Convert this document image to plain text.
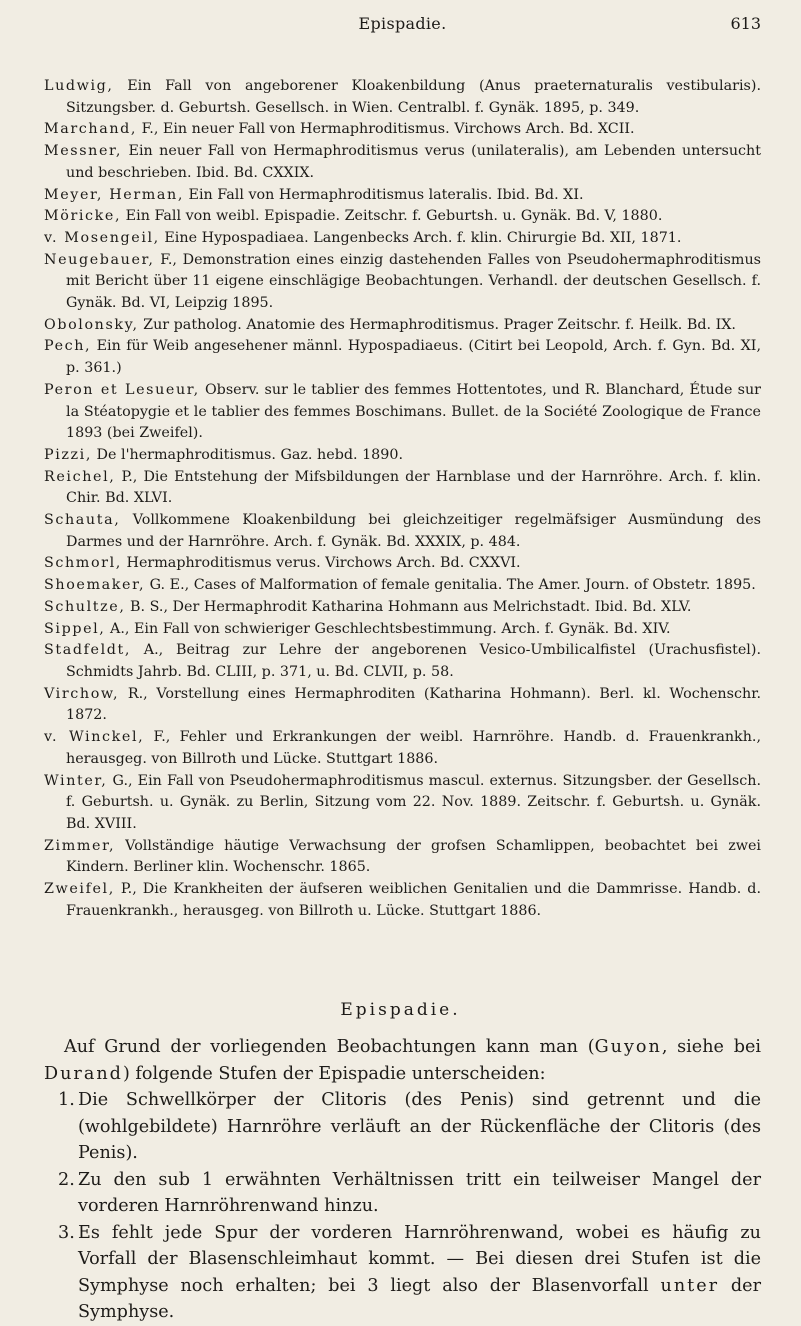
Epispadie.	613
Ludwig, Ein Fall von angeborener Kloakenbildung (Anus praeternaturalis vestibularis). Sitzungsber. d. Geburtsh. Gesellsch. in Wien. Centralbl. f. Gynäk. 1895, p. 349.
Marchand, F., Ein neuer Fall von Hermaphroditismus. Virchows Arch. Bd. XCII.
Messner, Ein neuer Fall von Hermaphroditismus verus (unilateralis), am Lebenden untersucht und beschrieben. Ibid. Bd. CXXIX.
Meyer, Herman, Ein Fall von Hermaphroditismus lateralis. Ibid. Bd. XI.
Möricke, Ein Fall von weibl. Epispadie. Zeitschr. f. Geburtsh. u. Gynäk. Bd. V, 1880.
v. Mosengeil, Eine Hypospadiaea. Langenbecks Arch. f. klin. Chirurgie Bd. XII, 1871.
Neugebauer, F., Demonstration eines einzig dastehenden Falles von Pseudohermaphroditismus mit Bericht über 11 eigene einschlägige Beobachtungen. Verhandl. der deutschen Gesellsch. f. Gynäk. Bd. VI, Leipzig 1895.
Obolonsky, Zur patholog. Anatomie des Hermaphroditismus. Prager Zeitschr. f. Heilk. Bd. IX.
Pech, Ein für Weib angesehener männl. Hypospadiaeus. (Citirt bei Leopold, Arch. f. Gyn. Bd. XI, p. 361.)
Peron et Lesueur, Observ. sur le tablier des femmes Hottentotes, und R. Blanchard, Étude sur la Stéatopygie et le tablier des femmes Boschimans. Bullet. de la Société Zoologique de France 1893 (bei Zweifel).
Pizzi, De l'hermaphroditismus. Gaz. hebd. 1890.
Reichel, P., Die Entstehung der Mifsbildungen der Harnblase und der Harnröhre. Arch. f. klin. Chir. Bd. XLVI.
Schauta, Vollkommene Kloakenbildung bei gleichzeitiger regelmäfsiger Ausmündung des Darmes und der Harnröhre. Arch. f. Gynäk. Bd. XXXIX, p. 484.
Schmorl, Hermaphroditismus verus. Virchows Arch. Bd. CXXVI.
Shoemaker, G. E., Cases of Malformation of female genitalia. The Amer. Journ. of Obstetr. 1895.
Schultze, B. S., Der Hermaphrodit Katharina Hohmann aus Melrichstadt. Ibid. Bd. XLV.
Sippel, A., Ein Fall von schwieriger Geschlechtsbestimmung. Arch. f. Gynäk. Bd. XIV.
Stadfeldt, A., Beitrag zur Lehre der angeborenen Vesico-Umbilicalfistel (Urachusfistel). Schmidts Jahrb. Bd. CLIII, p. 371, u. Bd. CLVII, p. 58.
Virchow, R., Vorstellung eines Hermaphroditen (Katharina Hohmann). Berl. kl. Wochenschr. 1872.
v. Winckel, F., Fehler und Erkrankungen der weibl. Harnröhre. Handb. d. Frauenkrankh., herausgeg. von Billroth und Lücke. Stuttgart 1886.
Winter, G., Ein Fall von Pseudohermaphroditismus mascul. externus. Sitzungsber. der Gesellsch. f. Geburtsh. u. Gynäk. zu Berlin, Sitzung vom 22. Nov. 1889. Zeitschr. f. Geburtsh. u. Gynäk. Bd. XVIII.
Zimmer, Vollständige häutige Verwachsung der grofsen Schamlippen, beobachtet bei zwei Kindern. Berliner klin. Wochenschr. 1865.
Zweifel, P., Die Krankheiten der äufseren weiblichen Genitalien und die Dammrisse. Handb. d. Frauenkrankh., herausgeg. von Billroth u. Lücke. Stuttgart 1886.
Epispadie.

Auf Grund der vorliegenden Beobachtungen kann man (Guyon, siehe bei Durand) folgende Stufen der Epispadie unterscheiden:

1. Die Schwellkörper der Clitoris (des Penis) sind getrennt und die (wohlgebildete) Harnröhre verläuft an der Rückenfläche der Clitoris (des Penis).
2. Zu den sub 1 erwähnten Verhältnissen tritt ein teilweiser Mangel der vorderen Harnröhrenwand hinzu.
3. Es fehlt jede Spur der vorderen Harnröhrenwand, wobei es häufig zu Vorfall der Blasenschleimhaut kommt. — Bei diesen drei Stufen ist die Symphyse noch erhalten; bei 3 liegt also der Blasenvorfall unter der Symphyse.
